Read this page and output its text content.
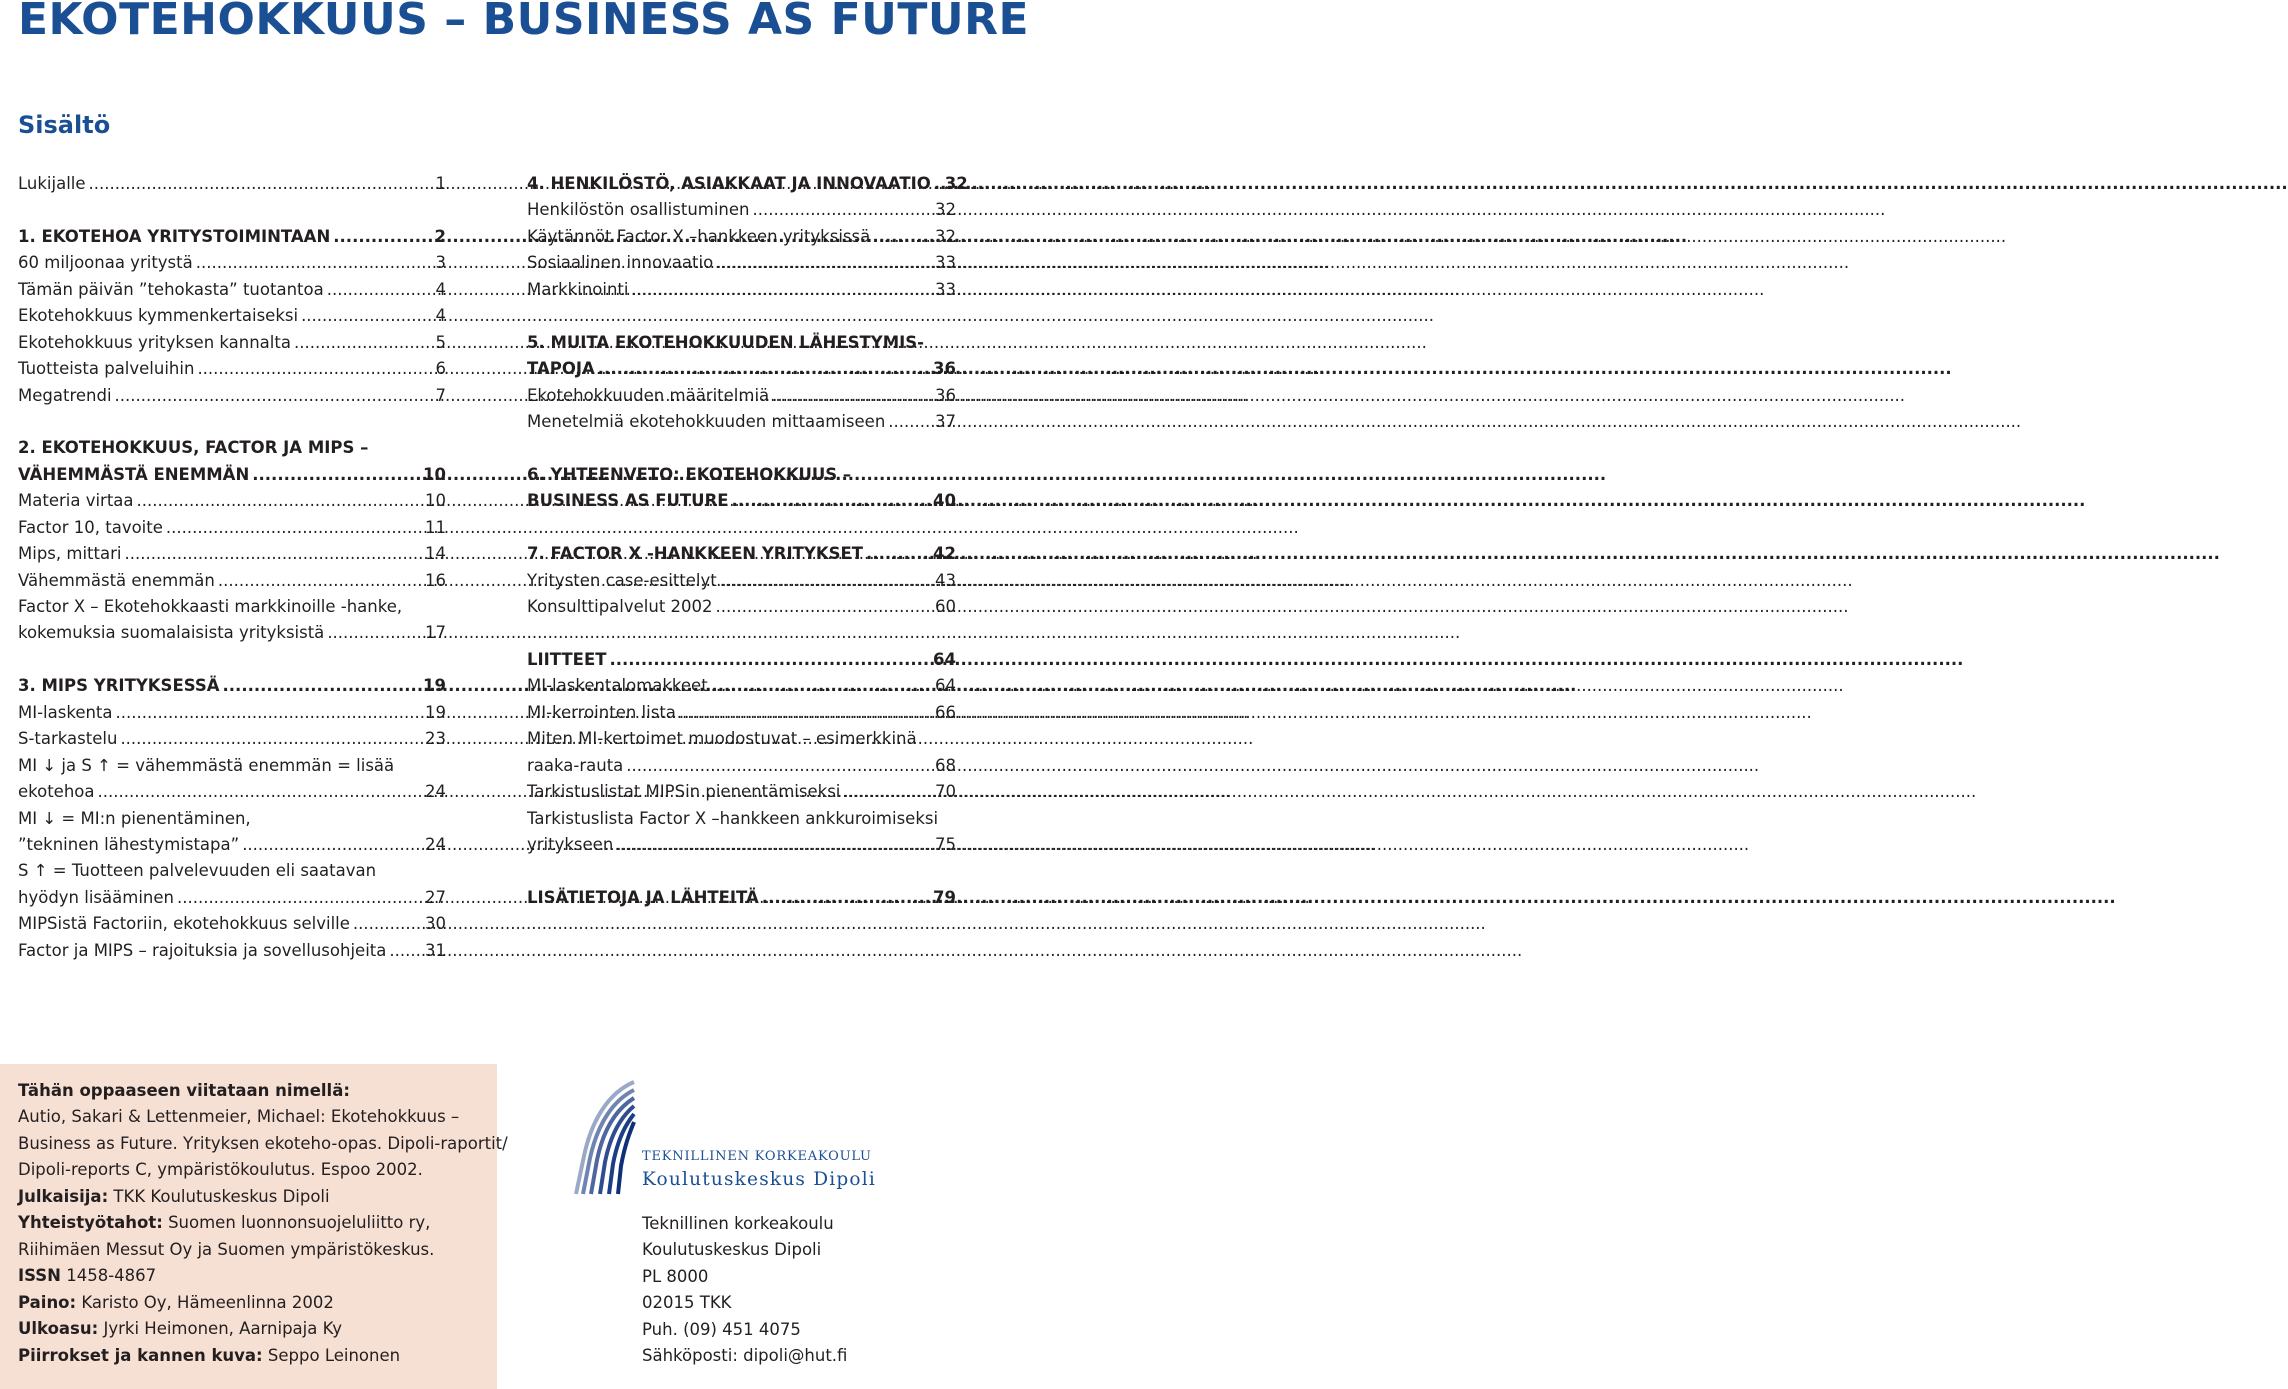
EKOTEHOKKUUS – BUSINESS AS FUTURE
Sisältö
Lukijalle .....	1
1. EKOTEHOA YRITYSTOIMINTAAN .....	2
60 miljoonaa yritystä .....	3
Tämän päivän ”tehokasta” tuotantoa .....	4
Ekotehokkuus kymmenkertaiseksi .....	4
Ekotehokkuus yrityksen kannalta .....	5
Tuotteista palveluihin .....	6
Megatrendi .....	7
2. EKOTEHOKKUUS, FACTOR JA MIPS –
VÄHEMMÄSTÄ ENEMMÄN .....	10
Materia virtaa .....	10
Factor 10, tavoite .....	11
Mips, mittari .....	14
Vähemmästä enemmän .....	16
Factor X – Ekotehokkaasti markkinoille -hanke,
kokemuksia suomalaisista yrityksistä .....	17
3. MIPS YRITYKSESSÄ .....	19
MI-laskenta .....	19
S-tarkastelu .....	23
MI ↓ ja S ↑ = vähemmästä enemmän = lisää
ekotehoa .....	24
MI ↓ = MI:n pienentäminen,
”tekninen lähestymistapa” .....	24
S ↑ = Tuotteen palvelevuuden eli saatavan
hyödyn lisääminen .....	27
MIPSistä Factoriin, ekotehokkuus selville .....	30
Factor ja MIPS – rajoituksia ja sovellusohjeita ..... 31
4. HENKILÖSTÖ, ASIAKKAAT JA INNOVAATIO ..... 32
Henkilöstön osallistuminen .....	32
Käytännöt Factor X –hankkeen yrityksissä .....	32
Sosiaalinen innovaatio .....	33
Markkinointi .....	33
5. MUITA EKOTEHOKKUUDEN LÄHESTYMIS-
TAPOJA .....	36
Ekotehokkuuden määritelmiä .....	36
Menetelmiä ekotehokkuuden mittaamiseen .....	37
6. YHTEENVETO: EKOTEHOKKUUS –
BUSINESS AS FUTURE .....	40
7. FACTOR X -HANKKEEN YRITYKSET .....	42
Yritysten case-esittelyt .....	43
Konsulttipalvelut 2002 .....	60
LIITTEET .....	64
MI-laskentalomakkeet .....	64
MI-kerrointen lista .....	66
Miten MI-kertoimet muodostuvat – esimerkkinä
raaka-rauta .....	68
Tarkistuslistat MIPSin pienentämiseksi .....	70
Tarkistuslista Factor X –hankkeen ankkuroimiseksi
yritykseen .....	75
LISÄTIETOJA JA LÄHTEITÄ .....	79
Tähän oppaaseen viitataan nimellä:
Autio, Sakari & Lettenmeier, Michael: Ekotehokkuus –
Business as Future. Yrityksen ekoteho-opas. Dipoli-raportit/
Dipoli-reports C, ympäristökoulutus. Espoo 2002.
Julkaisija: TKK Koulutuskeskus Dipoli
Yhteistyötahot: Suomen luonnonsuojeluliitto ry,
Riihimäen Messut Oy ja Suomen ympäristökeskus.
ISSN 1458-4867
Paino: Karisto Oy, Hämeenlinna 2002
Ulkoasu: Jyrki Heimonen, Aarnipaja Ky
Piirrokset ja kannen kuva: Seppo Leinonen
TEKNILLINEN KORKEAKOULU
Koulutuskeskus Dipoli
Teknillinen korkeakoulu
Koulutuskeskus Dipoli
PL 8000
02015 TKK
Puh. (09) 451 4075
Sähköposti: dipoli@hut.fi
